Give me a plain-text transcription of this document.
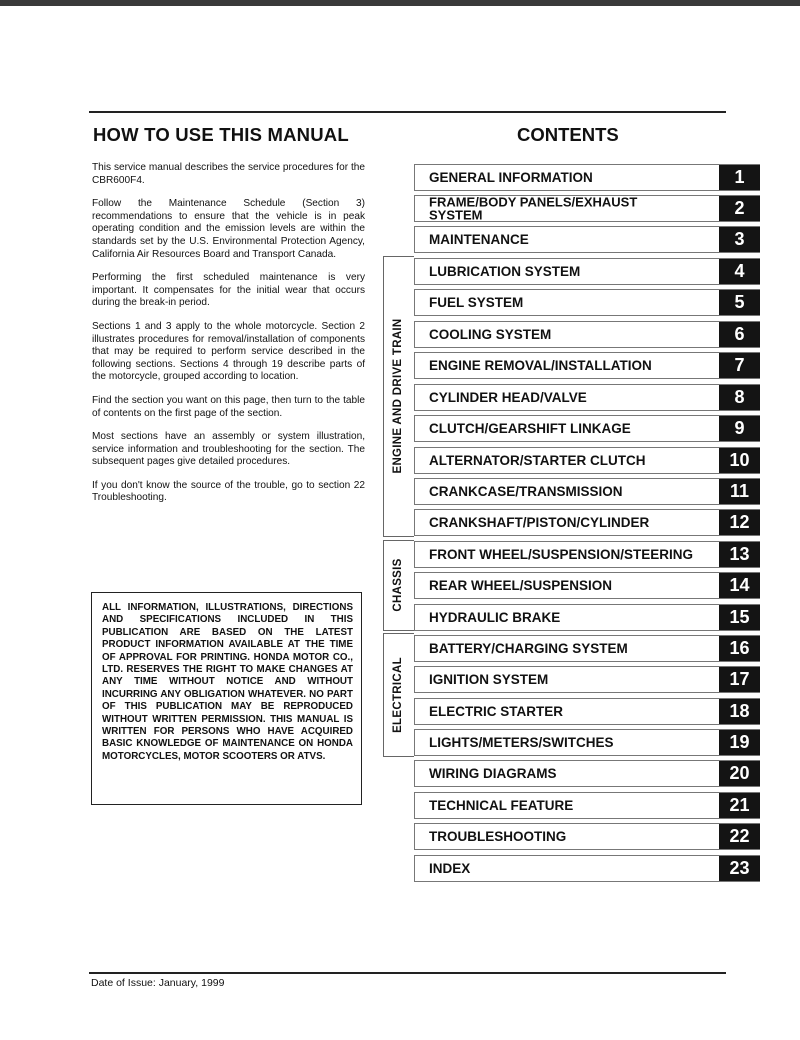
HOW TO USE THIS MANUAL	CONTENTS

This service manual describes the service procedures for the CBR600F4.

Follow the Maintenance Schedule (Section 3) recommendations to ensure that the vehicle is in peak operating condition and the emission levels are within the standards set by the U.S. Environmental Protection Agency, California Air Resources Board and Transport Canada.

Performing the first scheduled maintenance is very important. It compensates for the initial wear that occurs during the break-in period.

Sections 1 and 3 apply to the whole motorcycle. Section 2 illustrates procedures for removal/installation of components that may be required to perform service described in the following sections. Sections 4 through 19 describe parts of the motorcycle, grouped according to location.

Find the section you want on this page, then turn to the table of contents on the first page of the section.

Most sections have an assembly or system illustration, service information and troubleshooting for the section. The subsequent pages give detailed procedures.

If you don't know the source of the trouble, go to section 22 Troubleshooting.

ALL INFORMATION, ILLUSTRATIONS, DIRECTIONS AND SPECIFICATIONS INCLUDED IN THIS PUBLICATION ARE BASED ON THE LATEST PRODUCT INFORMATION AVAILABLE AT THE TIME OF APPROVAL FOR PRINTING. HONDA MOTOR CO., LTD. RESERVES THE RIGHT TO MAKE CHANGES AT ANY TIME WITHOUT NOTICE AND WITHOUT INCURRING ANY OBLIGATION WHATEVER. NO PART OF THIS PUBLICATION MAY BE REPRODUCED WITHOUT WRITTEN PERMISSION. THIS MANUAL IS WRITTEN FOR PERSONS WHO HAVE ACQUIRED BASIC KNOWLEDGE OF MAINTENANCE ON HONDA MOTORCYCLES, MOTOR SCOOTERS OR ATVS.
ENGINE AND DRIVE TRAIN
CHASSIS
ELECTRICAL
GENERAL INFORMATION	1
FRAME/BODY PANELS/EXHAUST SYSTEM	2
MAINTENANCE	3
LUBRICATION SYSTEM	4
FUEL SYSTEM	5
COOLING SYSTEM	6
ENGINE REMOVAL/INSTALLATION	7
CYLINDER HEAD/VALVE	8
CLUTCH/GEARSHIFT LINKAGE	9
ALTERNATOR/STARTER CLUTCH	10
CRANKCASE/TRANSMISSION	11
CRANKSHAFT/PISTON/CYLINDER	12
FRONT WHEEL/SUSPENSION/STEERING	13
REAR WHEEL/SUSPENSION	14
HYDRAULIC BRAKE	15
BATTERY/CHARGING SYSTEM	16
IGNITION SYSTEM	17
ELECTRIC STARTER	18
LIGHTS/METERS/SWITCHES	19
WIRING DIAGRAMS	20
TECHNICAL FEATURE	21
TROUBLESHOOTING	22
INDEX	23
Date of Issue: January, 1999
